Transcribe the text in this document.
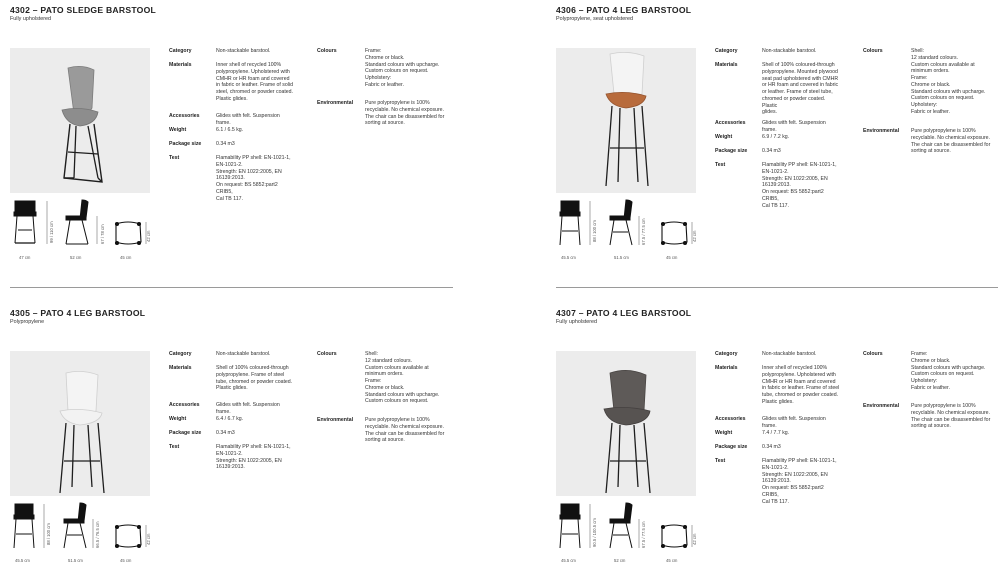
4302 – PATO SLEDGE BARSTOOL
Fully upholstered
47 cm	52 cm
99 / 110 cm	67 / 78 cm	42 cm
45 cm
Category	Non-stackable barstool.
Materials	Inner shell of recycled 100%
polypropylene. Upholstered with
CMHR or HR foam and covered
in fabric or leather. Frame of solid
steel, chromed or powder coated.
Plastic glides.
Accessories	Glides with felt. Suspension frame.
Weight	6.1 / 6.5 kg.
Package size	0.34 m3
Test	Flamability PP shell: EN-1021-1,
EN-1021-2.
Strength: EN 1022:2005, EN
16139:2013.
On request: BS 5852:part2 CRIB5,
Cal TB 117.
Colours	Frame:
Chrome or black.
Standard colours with upcharge.
Custom colours on request.
Upholstery:
Fabric or leather.
Environmental	Pure polypropylene is 100%
recyclable. No chemical exposure.
The chair can be disassembled for
sorting at source.
4306 – PATO 4 LEG BARSTOOL
Polypropylene, seat upholstered
45.5 cm	51.5 cm
88 / 100 cm	67.5 / 77.5 cm	42 cm
45 cm
Category	Non-stackable barstool.
Materials	Shell of 100% coloured-through
polypropylene. Mounted plywood
seat pad upholstered with CMHR
or HR foam and covered in fabric
or leather. Frame of steel tube,
chromed or powder coated. Plastic
glides.
Accessories	Glides with felt. Suspension frame.
Weight	6.9 / 7.2 kg.
Package size	0.34 m3
Test	Flamability PP shell: EN-1021-1,
EN-1021-2.
Strength: EN 1022:2005, EN
16139:2013.
On request: BS 5852:part2 CRIB5,
Cal TB 117.
Colours	Shell:
12 standard colours.
Custom colours available at
minimum orders.
Frame:
Chrome or black.
Standard colours with upcharge.
Custom colours on request.
Upholstery:
Fabric or leather.
Environmental	Pure polypropylene is 100%
recyclable. No chemical exposure.
The chair can be disassembled for
sorting at source.
4305 – PATO 4 LEG BARSTOOL
Polypropylene
45.5 cm	51.5 cm
88 / 100 cm	66.5 / 76.5 cm	42 cm
45 cm
Category	Non-stackable barstool.
Materials	Shell of 100% coloured-through
polypropylene. Frame of steel
tube, chromed or powder coated.
Plastic glides.
Accessories	Glides with felt. Suspension frame.
Weight	6.4 / 6.7 kg.
Package size	0.34 m3
Test	Flamability PP shell: EN-1021-1,
EN-1021-2.
Strength: EN 1022:2005, EN
16139:2013.
Colours	Shell:
12 standard colours.
Custom colours available at
minimum orders.
Frame:
Chrome or black.
Standard colours with upcharge.
Custom colours on request.
Environmental	Pure polypropylene is 100%
recyclable. No chemical exposure.
The chair can be disassembled for
sorting at source.
4307 – PATO 4 LEG BARSTOOL
Fully upholstered
45.5 cm	52 cm
90.5 / 100.5 cm	67.5 / 77.5 cm	42 cm
45 cm
Category	Non-stackable barstool.
Materials	Inner shell of recycled 100%
polypropylene. Upholstered with
CMHR or HR foam and covered
in fabric or leather. Frame of steel
tube, chromed or powder coated.
Plastic glides.
Accessories	Glides with felt. Suspension frame.
Weight	7.4 / 7.7 kg.
Package size	0.34 m3
Test	Flamability PP shell: EN-1021-1,
EN-1021-2.
Strength: EN 1022:2005, EN
16139:2013.
On request: BS 5852:part2 CRIB5,
Cal TB 117.
Colours	Frame:
Chrome or black.
Standard colours with upcharge.
Custom colours on request.
Upholstery:
Fabric or leather.
Environmental	Pure polypropylene is 100%
recyclable. No chemical exposure.
The chair can be disassembled for
sorting at source.
